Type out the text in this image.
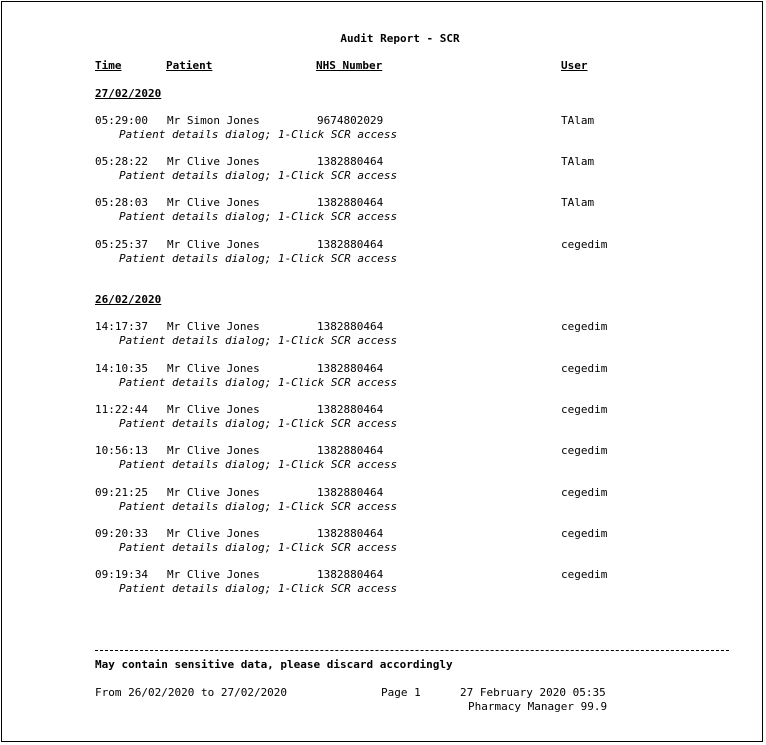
Audit Report - SCR
Time	Patient	NHS Number	User
27/02/2020
05:29:00 Mr Simon Jones	9674802029	TAlam
Patient details dialog; 1-Click SCR access
05:28:22 Mr Clive Jones	1382880464	TAlam
Patient details dialog; 1-Click SCR access
05:28:03 Mr Clive Jones	1382880464	TAlam
Patient details dialog; 1-Click SCR access
05:25:37 Mr Clive Jones	1382880464	cegedim
Patient details dialog; 1-Click SCR access
26/02/2020
14:17:37 Mr Clive Jones	1382880464	cegedim
Patient details dialog; 1-Click SCR access
14:10:35 Mr Clive Jones	1382880464	cegedim
Patient details dialog; 1-Click SCR access
11:22:44 Mr Clive Jones	1382880464	cegedim
Patient details dialog; 1-Click SCR access
10:56:13 Mr Clive Jones	1382880464	cegedim
Patient details dialog; 1-Click SCR access
09:21:25 Mr Clive Jones	1382880464	cegedim
Patient details dialog; 1-Click SCR access
09:20:33 Mr Clive Jones	1382880464	cegedim
Patient details dialog; 1-Click SCR access
09:19:34 Mr Clive Jones	1382880464	cegedim
Patient details dialog; 1-Click SCR access
May contain sensitive data, please discard accordingly
From 26/02/2020 to 27/02/2020	Page 1	27 February 2020 05:35
Pharmacy Manager 99.9
